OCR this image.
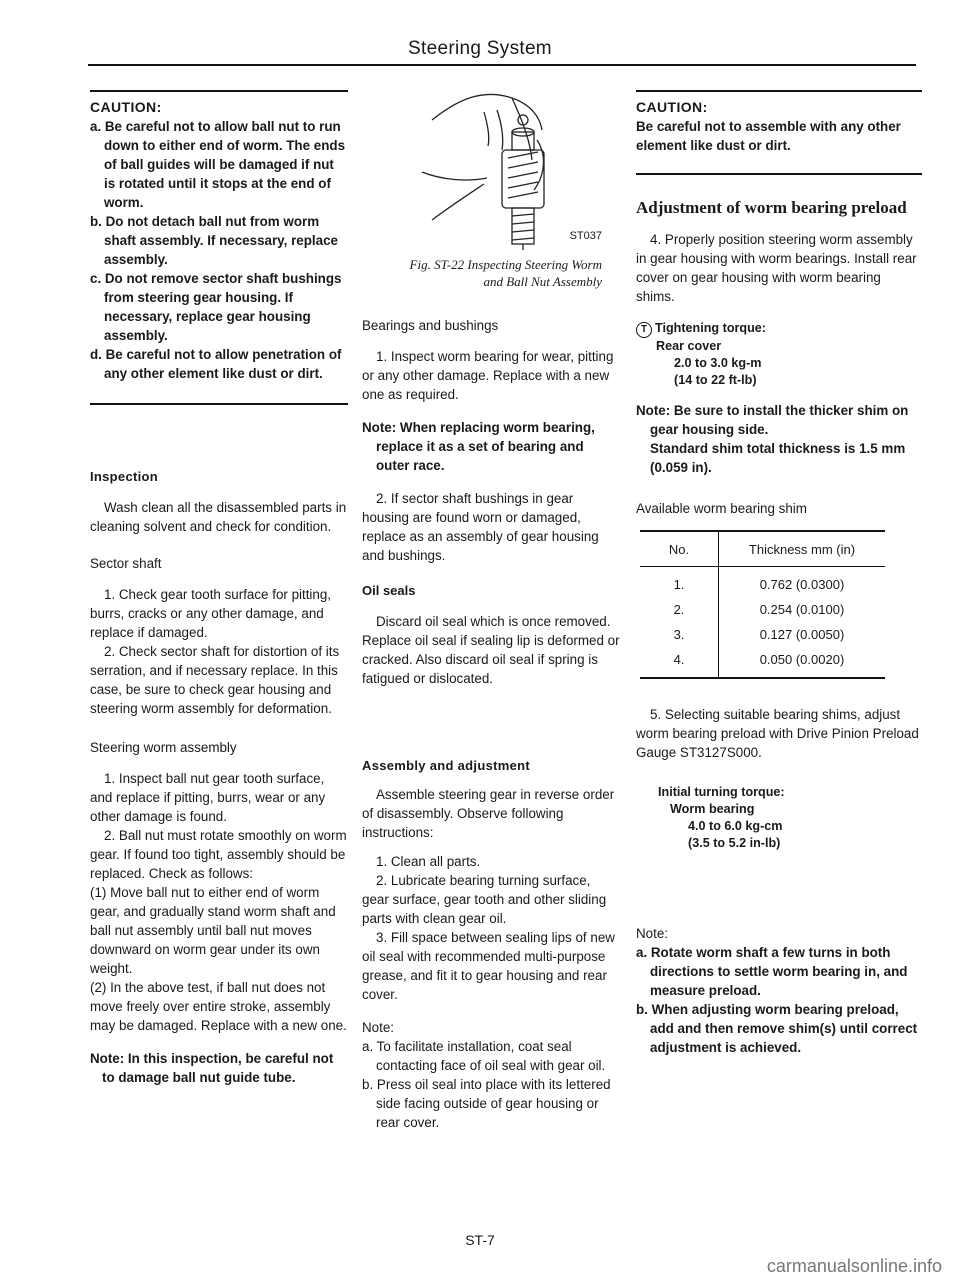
Steering System

CAUTION:

a. Be careful not to allow ball nut to run down to either end of worm. The ends of ball guides will be damaged if nut is rotated until it stops at the end of worm.

b. Do not detach ball nut from worm shaft assembly. If necessary, replace assembly.

c. Do not remove sector shaft bushings from steering gear housing. If necessary, replace gear housing assembly.

d. Be careful not to allow penetration of any other element like dust or dirt.

Inspection

Wash clean all the disassembled parts in cleaning solvent and check for condition.

Sector shaft

1. Check gear tooth surface for pitting, burrs, cracks or any other damage, and replace if damaged.

2. Check sector shaft for distortion of its serration, and if necessary replace. In this case, be sure to check gear housing and steering worm assembly for deformation.

Steering worm assembly

1. Inspect ball nut gear tooth surface, and replace if pitting, burrs, wear or any other damage is found.

2. Ball nut must rotate smoothly on worm gear. If found too tight, assembly should be replaced. Check as follows:

(1) Move ball nut to either end of worm gear, and gradually stand worm shaft and ball nut assembly until ball nut moves downward on worm gear under its own weight.

(2) In the above test, if ball nut does not move freely over entire stroke, assembly may be damaged. Replace with a new one.

Note: In this inspection, be careful not to damage ball nut guide tube.

ST037

Fig. ST-22 Inspecting Steering Worm

and Ball Nut Assembly

Bearings and bushings

1. Inspect worm bearing for wear, pitting or any other damage. Replace with a new one as required.

Note: When replacing worm bearing, replace it as a set of bearing and outer race.

2. If sector shaft bushings in gear housing are found worn or damaged, replace as an assembly of gear housing and bushings.

Oil seals

Discard oil seal which is once removed. Replace oil seal if sealing lip is deformed or cracked. Also discard oil seal if spring is fatigued or dislocated.

Assembly and adjustment

Assemble steering gear in reverse order of disassembly. Observe following instructions:

1. Clean all parts.

2. Lubricate bearing turning surface, gear surface, gear tooth and other sliding parts with clean gear oil.

3. Fill space between sealing lips of new oil seal with recommended multi-purpose grease, and fit it to gear housing and rear cover.

Note:

a. To facilitate installation, coat seal contacting face of oil seal with gear oil.

b. Press oil seal into place with its lettered side facing outside of gear housing or rear cover.

CAUTION:

Be careful not to assemble with any other element like dust or dirt.

Adjustment of worm bearing preload

4. Properly position steering worm assembly in gear housing with worm bearings. Install rear cover on gear housing with worm bearing shims.

T Tightening torque:

Rear cover

2.0 to 3.0 kg-m

(14 to 22 ft-lb)

Note: Be sure to install the thicker shim on gear housing side.

Standard shim total thickness is 1.5 mm (0.059 in).

Available worm bearing shim

No.	Thickness mm (in)
1.	0.762 (0.0300)
2.	0.254 (0.0100)
3.	0.127 (0.0050)
4.	0.050 (0.0020)

5. Selecting suitable bearing shims, adjust worm bearing preload with Drive Pinion Preload Gauge ST3127S000.

Initial turning torque:

Worm bearing

4.0 to 6.0 kg-cm

(3.5 to 5.2 in-lb)

Note:

a. Rotate worm shaft a few turns in both directions to settle worm bearing in, and measure preload.

b. When adjusting worm bearing preload, add and then remove shim(s) until correct adjustment is achieved.

ST-7
carmanualsonline.info
